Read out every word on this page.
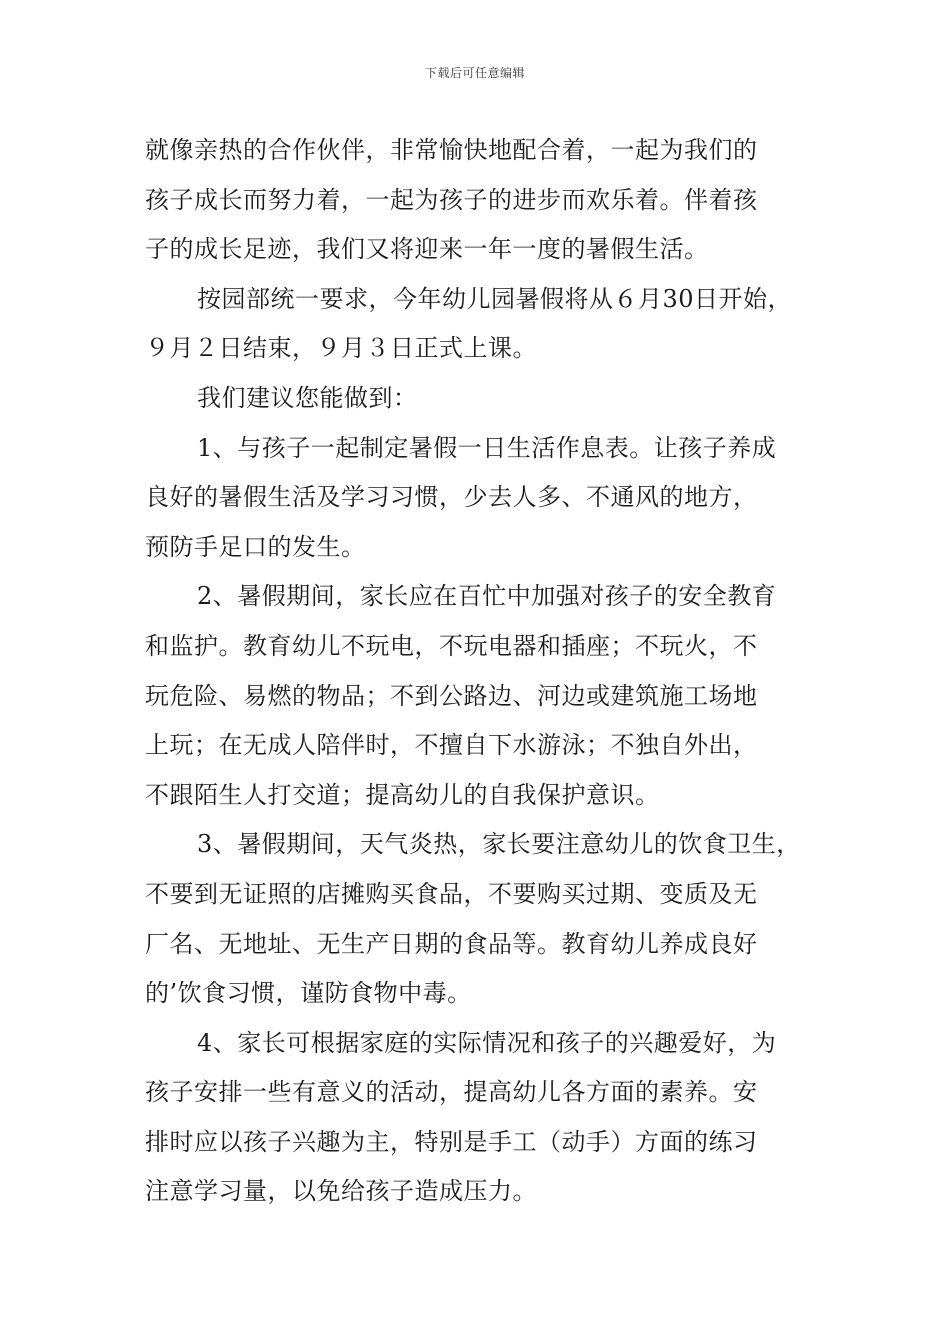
下载后可任意编辑
就像亲热的合作伙伴，非常愉快地配合着，一起为我们的
孩子成长而努力着，一起为孩子的进步而欢乐着。伴着孩
子的成长足迹，我们又将迎来一年一度的暑假生活。
按园部统一要求，今年幼儿园暑假将从６月30日开始，
９月２日结束，９月３日正式上课。
我们建议您能做到：
1、与孩子一起制定暑假一日生活作息表。让孩子养成
良好的暑假生活及学习习惯，少去人多、不通风的地方，
预防手足口的发生。
2、暑假期间，家长应在百忙中加强对孩子的安全教育
和监护。教育幼儿不玩电，不玩电器和插座；不玩火，不
玩危险、易燃的物品；不到公路边、河边或建筑施工场地
上玩；在无成人陪伴时，不擅自下水游泳；不独自外出，
不跟陌生人打交道；提高幼儿的自我保护意识。
3、暑假期间，天气炎热，家长要注意幼儿的饮食卫生，
不要到无证照的店摊购买食品，不要购买过期、变质及无
厂名、无地址、无生产日期的食品等。教育幼儿养成良好
的’饮食习惯，谨防食物中毒。
4、家长可根据家庭的实际情况和孩子的兴趣爱好，为
孩子安排一些有意义的活动，提高幼儿各方面的素养。安
排时应以孩子兴趣为主，特别是手工（动手）方面的练习
注意学习量，以免给孩子造成压力。
